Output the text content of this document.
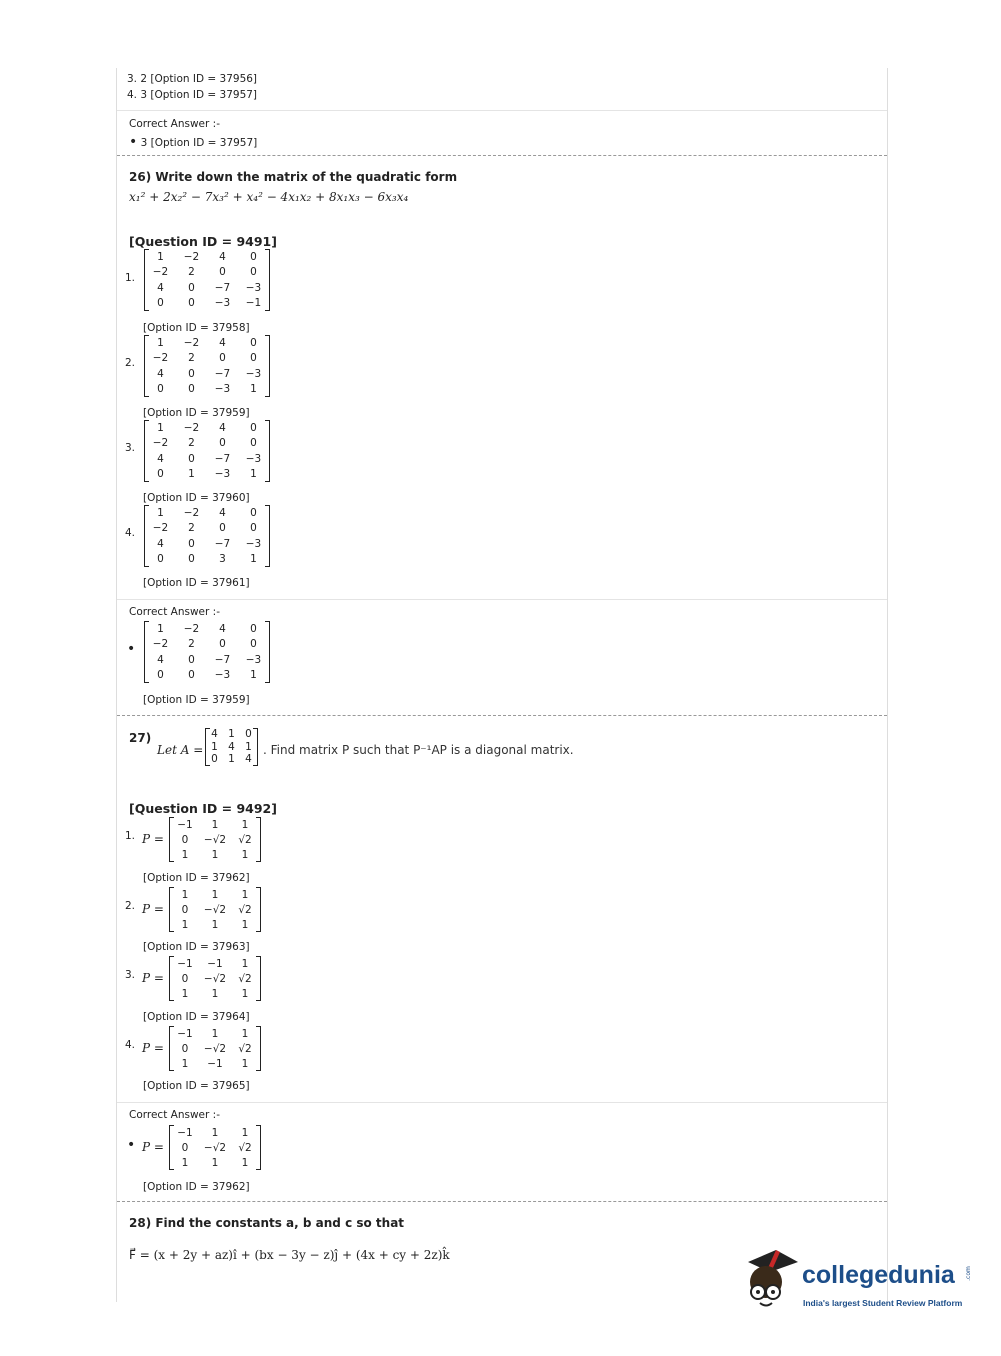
3. 2 [Option ID = 37956]
4. 3 [Option ID = 37957]
Correct Answer :-
• 3 [Option ID = 37957]
26) Write down the matrix of the quadratic form
x₁² + 2x₂² − 7x₃² + x₄² − 4x₁x₂ + 8x₁x₃ − 6x₃x₄
[Question ID = 9491]
1.
1	−2	4	0
−2	2	0	0
4	0	−7	−3
0	0	−3	−1
[Option ID = 37958]
2.
1	−2	4	0
−2	2	0	0
4	0	−7	−3
0	0	−3	1
[Option ID = 37959]
3.
1	−2	4	0
−2	2	0	0
4	0	−7	−3
0	1	−3	1
[Option ID = 37960]
4.
1	−2	4	0
−2	2	0	0
4	0	−7	−3
0	0	3	1
[Option ID = 37961]
Correct Answer :-
•
1	−2	4	0
−2	2	0	0
4	0	−7	−3
0	0	−3	1
[Option ID = 37959]
27)
Let A =
4	1	0
1	4	1
0	1	4
. Find matrix P such that P⁻¹AP is a diagonal matrix.
[Question ID = 9492]
1. P =
−1	1	1
0	−√2	√2
1	1	1
[Option ID = 37962]
2. P =
1	1	1
0	−√2	√2
1	1	1
[Option ID = 37963]
3. P =
−1	−1	1
0	−√2	√2
1	1	1
[Option ID = 37964]
4. P =
−1	1	1
0	−√2	√2
1	−1	1
[Option ID = 37965]
Correct Answer :-
• P =
−1	1	1
0	−√2	√2
1	1	1
[Option ID = 37962]
28) Find the constants a, b and c so that
F⃗ = (x + 2y + az)î + (bx − 3y − z)ĵ + (4x + cy + 2z)k̂
collegedunia .com
India's largest Student Review Platform
